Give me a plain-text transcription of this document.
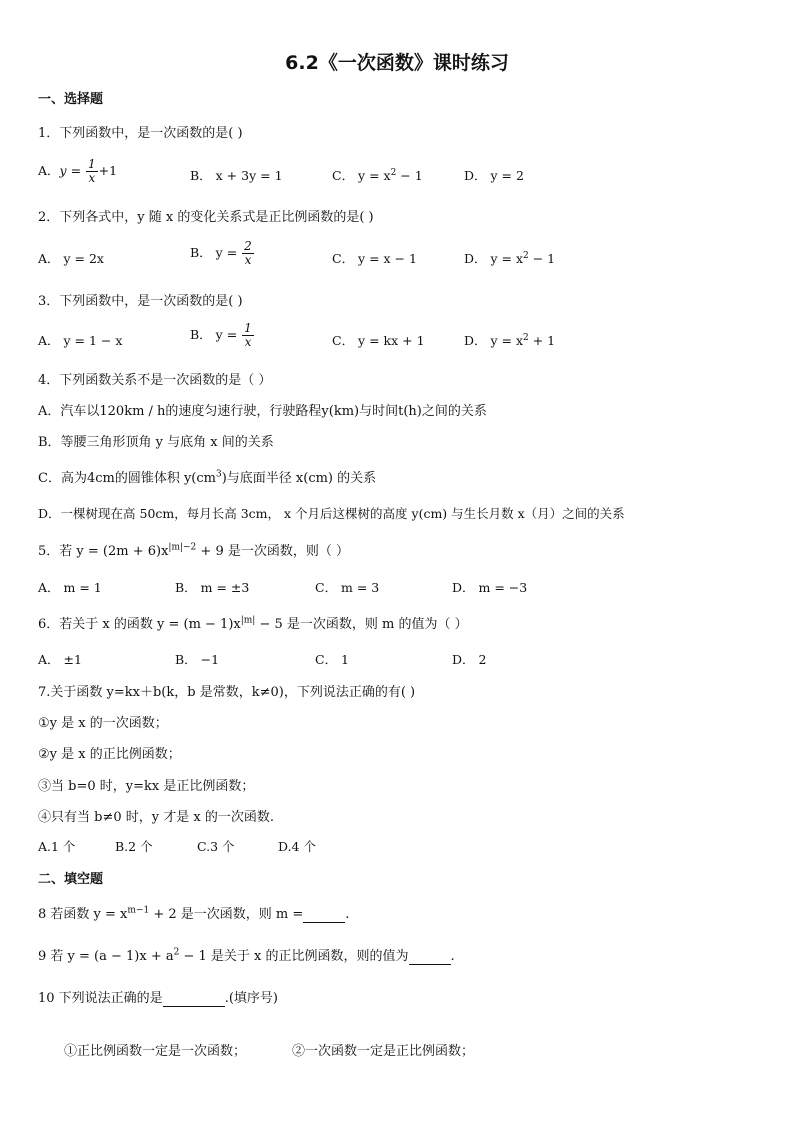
6.2《一次函数》课时练习
一、选择题
1．下列函数中，是一次函数的是( )
A．$y = \frac{1}{x} +1$	B． x + 3y = 1	C． $y = x^2 - 1$	D． y = 2
2．下列各式中，y 随 x 的变化关系式是正比例函数的是( )
A． y = 2x	B． $y = \frac{2}{x}$	C． y = x − 1	D． $y = x^2 - 1$
3．下列函数中，是一次函数的是( )
A． y = 1 − x	B． $y = \frac{1}{x}$	C． y = kx + 1	D． $y = x^2 + 1$
4．下列函数关系不是一次函数的是（ ）
A．汽车以120km / h的速度匀速行驶，行驶路程y(km)与时间t(h)之间的关系
B．等腰三角形顶角 y 与底角 x 间的关系
C．高为4cm的圆锥体积 $y(cm^3)$与底面半径 x(cm) 的关系
D．一棵树现在高 50cm，每月长高 3cm， x 个月后这棵树的高度 y(cm) 与生长月数 x（月）之间的关系
5．若 $y = (2m + 6)x^{|m|-2} + 9$ 是一次函数，则（ ）
A． m = 1	B． m = ±3	C． m = 3	D． m = −3
6．若关于 x 的函数 $y = (m - 1)x^{|m|} - 5$ 是一次函数，则 m 的值为（ ）
A． ±1	B． −1	C． 1	D． 2
7.关于函数 y=kx＋b(k，b 是常数，k≠0)，下列说法正确的有( )
①y 是 x 的一次函数；
②y 是 x 的正比例函数；
③当 b=0 时，y=kx 是正比例函数；
④只有当 b≠0 时，y 才是 x 的一次函数.
A.1 个	B.2 个	C.3 个	D.4 个
二、填空题
8 若函数 $y = x^{m-1} + 2$ 是一次函数，则 m =	.
9 若 $y = (a - 1)x + a^2 - 1$ 是关于 x 的正比例函数，则的值为	.
10 下列说法正确的是	.(填序号)
①正比例函数一定是一次函数；	②一次函数一定是正比例函数；
